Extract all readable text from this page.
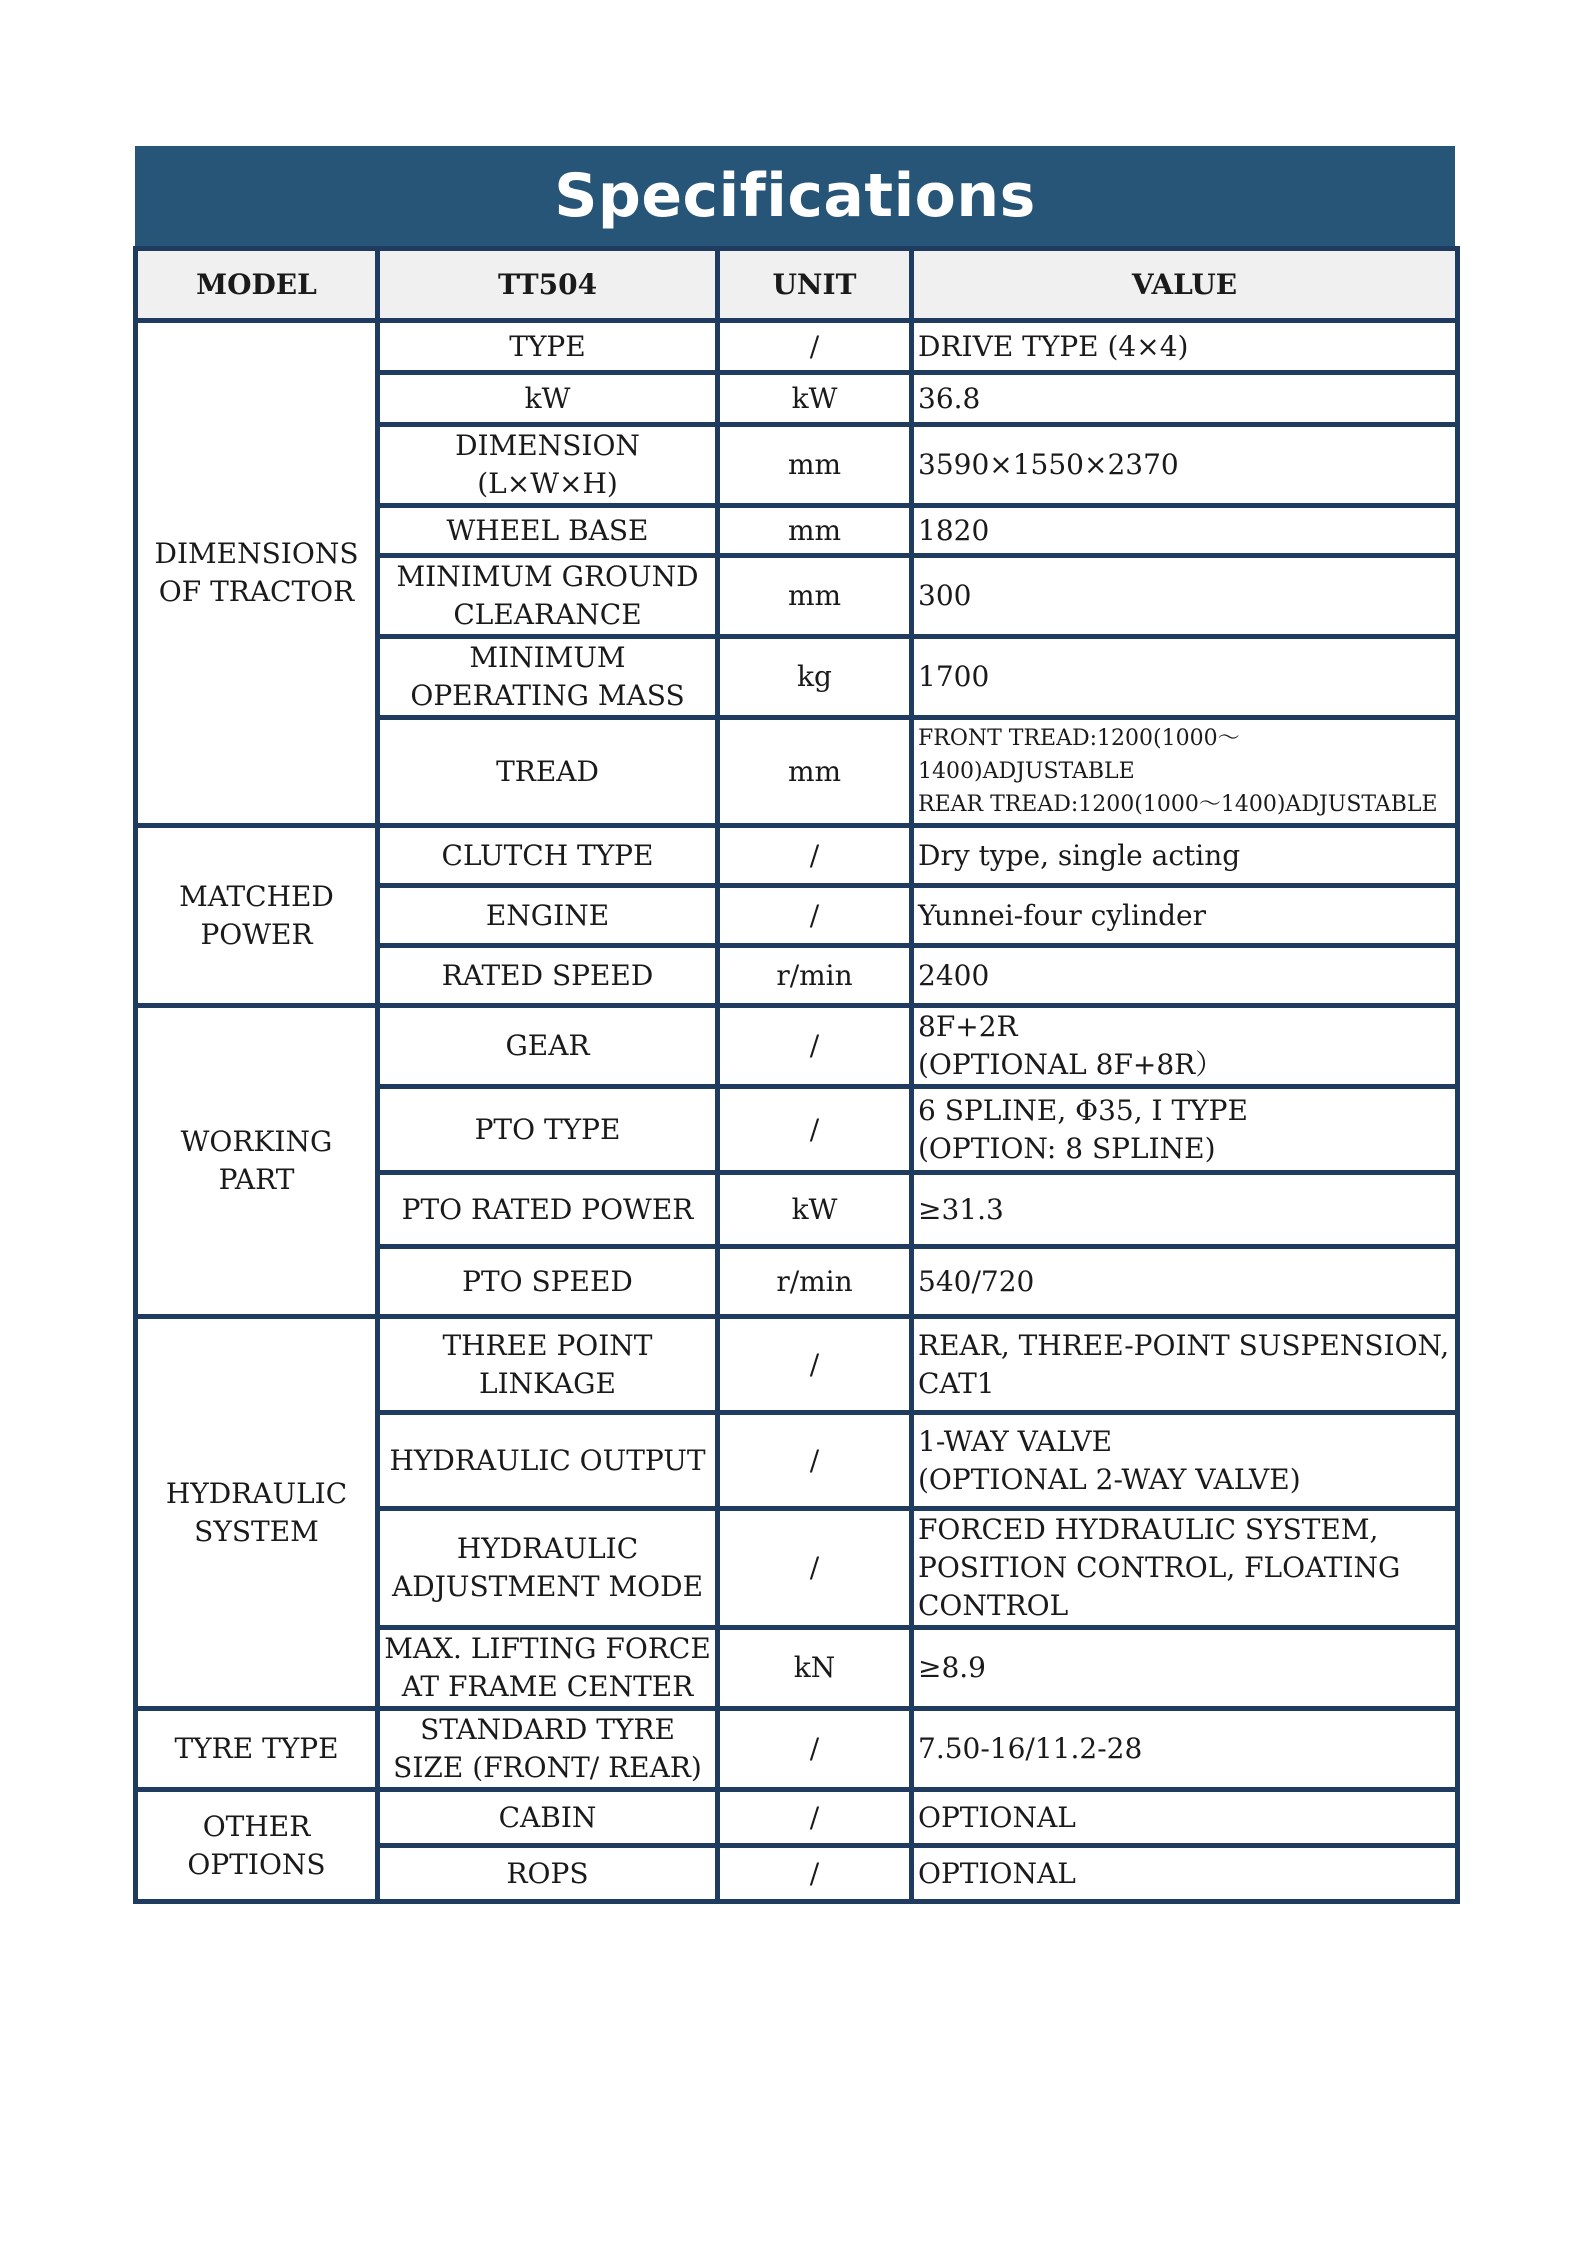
Specifications
MODEL	TT504	UNIT	VALUE
DIMENSIONS OF TRACTOR	TYPE	/	DRIVE TYPE (4×4)
	kW	kW	36.8
	DIMENSION (L×W×H)	mm	3590×1550×2370
	WHEEL BASE	mm	1820
	MINIMUM GROUND CLEARANCE	mm	300
	MINIMUM OPERATING MASS	kg	1700
	TREAD	mm	FRONT TREAD:1200(1000～1400)ADJUSTABLE
REAR TREAD:1200(1000～1400)ADJUSTABLE

MATCHED POWER	CLUTCH TYPE	/	Dry type, single acting
	ENGINE	/	Yunnei-four cylinder
	RATED SPEED	r/min	2400
WORKING PART	GEAR	/	8F+2R
(OPTIONAL 8F+8R）

	PTO TYPE	/	6 SPLINE, Φ35, Ⅰ TYPE
(OPTION: 8 SPLINE)

	PTO RATED POWER	kW	≥31.3
	PTO SPEED	r/min	540/720
HYDRAULIC SYSTEM	THREE POINT LINKAGE	/	REAR, THREE-POINT SUSPENSION, CAT1
	HYDRAULIC OUTPUT	/	1-WAY VALVE
(OPTIONAL 2-WAY VALVE)

	HYDRAULIC ADJUSTMENT MODE	/	FORCED HYDRAULIC SYSTEM, POSITION CONTROL, FLOATING CONTROL
	MAX. LIFTING FORCE AT FRAME CENTER	kN	≥8.9
TYRE TYPE	STANDARD TYRE SIZE (FRONT/ REAR)	/	7.50-16/11.2-28
OTHER OPTIONS	CABIN	/	OPTIONAL
	ROPS	/	OPTIONAL
